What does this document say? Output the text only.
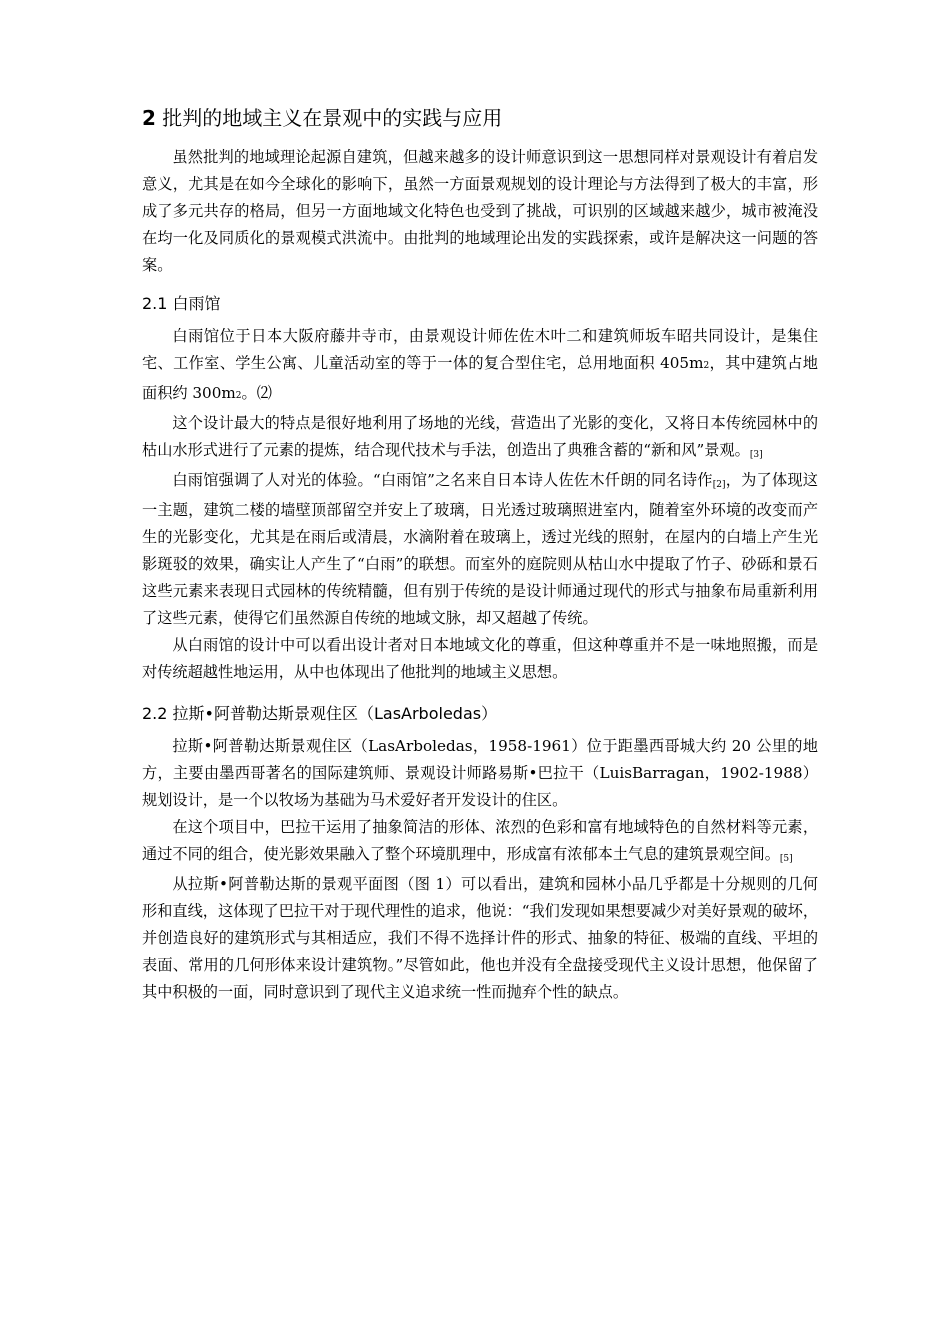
2 批判的地域主义在景观中的实践与应用

虽然批判的地域理论起源自建筑，但越来越多的设计师意识到这一思想同样对景观设计有着启发意义，尤其是在如今全球化的影响下，虽然一方面景观规划的设计理论与方法得到了极大的丰富，形成了多元共存的格局，但另一方面地域文化特色也受到了挑战，可识别的区域越来越少，城市被淹没在均一化及同质化的景观模式洪流中。由批判的地域理论出发的实践探索，或许是解决这一问题的答案。

2.1 白雨馆

白雨馆位于日本大阪府藤井寺市，由景观设计师佐佐木叶二和建筑师坂车昭共同设计，是集住宅、工作室、学生公寓、儿童活动室的等于一体的复合型住宅，总用地面积 405m2，其中建筑占地面积约 300m2。⑵

这个设计最大的特点是很好地利用了场地的光线，营造出了光影的变化，又将日本传统园林中的枯山水形式进行了元素的提炼，结合现代技术与手法，创造出了典雅含蓄的“新和风”景观。[3]

白雨馆强调了人对光的体验。“白雨馆”之名来自日本诗人佐佐木仟朗的同名诗作[2]，为了体现这一主题，建筑二楼的墙壁顶部留空并安上了玻璃，日光透过玻璃照进室内，随着室外环境的改变而产生的光影变化，尤其是在雨后或清晨，水滴附着在玻璃上，透过光线的照射，在屋内的白墙上产生光影斑驳的效果，确实让人产生了“白雨”的联想。而室外的庭院则从枯山水中提取了竹子、砂砾和景石这些元素来表现日式园林的传统精髓，但有别于传统的是设计师通过现代的形式与抽象布局重新利用了这些元素，使得它们虽然源自传统的地域文脉，却又超越了传统。

从白雨馆的设计中可以看出设计者对日本地域文化的尊重，但这种尊重并不是一味地照搬，而是对传统超越性地运用，从中也体现出了他批判的地域主义思想。

2.2 拉斯•阿普勒达斯景观住区（LasArboledas）

拉斯•阿普勒达斯景观住区（LasArboledas，1958-1961）位于距墨西哥城大约 20 公里的地方，主要由墨西哥著名的国际建筑师、景观设计师路易斯•巴拉干（LuisBarragan，1902-1988）规划设计，是一个以牧场为基础为马术爱好者开发设计的住区。

在这个项目中，巴拉干运用了抽象简洁的形体、浓烈的色彩和富有地域特色的自然材料等元素，通过不同的组合，使光影效果融入了整个环境肌理中，形成富有浓郁本土气息的建筑景观空间。[5]

从拉斯•阿普勒达斯的景观平面图（图 1）可以看出，建筑和园林小品几乎都是十分规则的几何形和直线，这体现了巴拉干对于现代理性的追求，他说：“我们发现如果想要减少对美好景观的破坏，并创造良好的建筑形式与其相适应，我们不得不选择计件的形式、抽象的特征、极端的直线、平坦的表面、常用的几何形体来设计建筑物。”尽管如此，他也并没有全盘接受现代主义设计思想，他保留了其中积极的一面，同时意识到了现代主义追求统一性而抛弃个性的缺点。
